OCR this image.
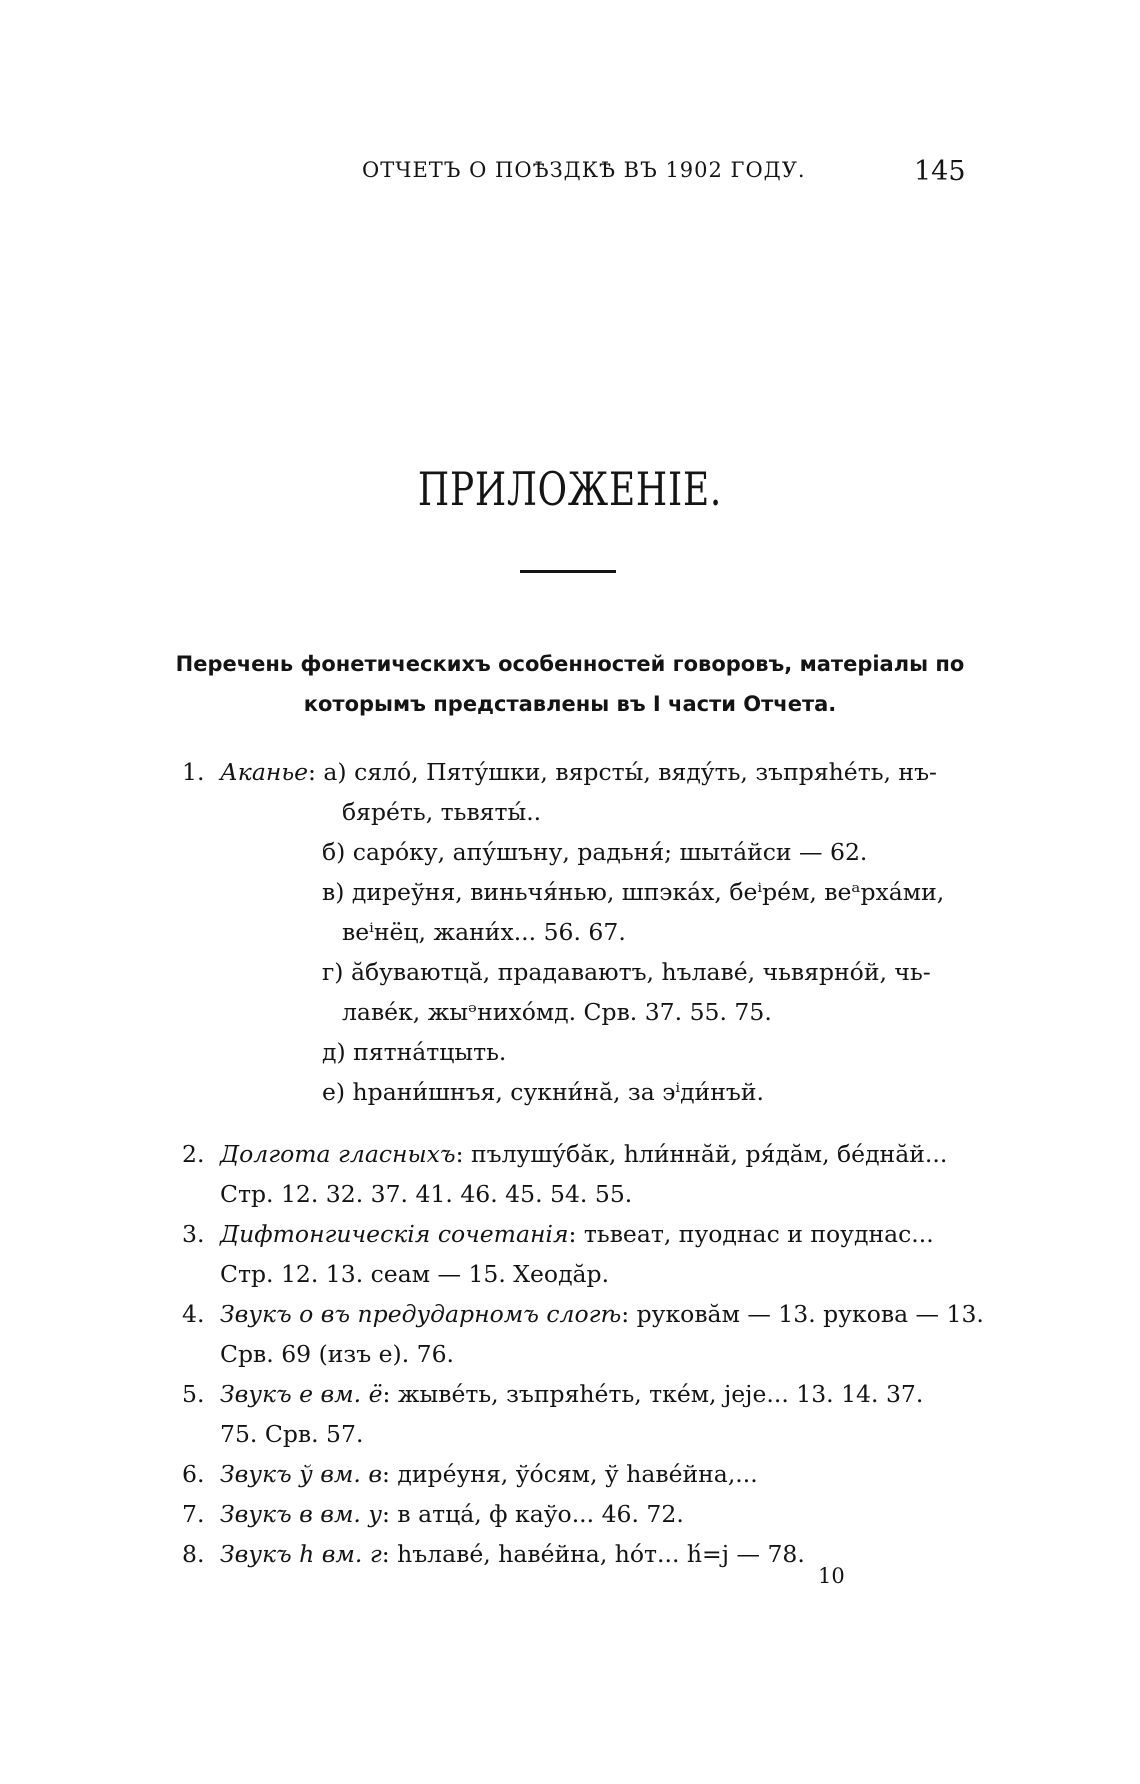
ОТЧЕТЪ О ПОѢЗДКѢ ВЪ 1902 ГОДУ.	145
ПРИЛОЖЕНІЕ.
Перечень фонетическихъ особенностей говоровъ, матеріалы по
которымъ представлены въ I части Отчета.
1. Аканье: а) сяло́, Пяту́шки, вярсты́, вяду́ть, зъпряһе́ть, нъ-
бяре́ть, тьвяты́..
б) саро́ку, апу́шъну, радьня́; шыта́йси — 62.
в) диреўня, виньчя́нью, шпэка́х, беⁱре́м, веᵃрха́ми,
веⁱнёц, жани́х... 56. 67.
г) ăбуваютцă, прадаваютъ, һълаве́, чьвярно́й, чь-
лаве́к, жыᵊнихо́мд. Срв. 37. 55. 75.
д) пятна́тцыть.
е) һрани́шнъя, сукни́нă, за эⁱди́нъй.
2. Долгота гласныхъ: пълушу́бăк, һли́ннăй, ря́дăм, бе́днăй...
Стр. 12. 32. 37. 41. 46. 45. 54. 55.
3. Дифтонгическія сочетанія: тьвеат, пуоднас и поуднас...
Стр. 12. 13. сеам — 15. Хеодăр.
4. Звукъ о въ предударномъ слогѣ: руковăм — 13. рукова — 13.
Срв. 69 (изъ е). 76.
5. Звукъ е вм. ё: жыве́ть, зъпряһе́ть, тке́м, јеје... 13. 14. 37.
75. Срв. 57.
6. Звукъ ў вм. в: дире́уня, ўо́сям, ў һаве́йна,...
7. Звукъ в вм. у: в атца́, ф каўо... 46. 72.
8. Звукъ һ вм. г: һълаве́, һаве́йна, һо́т... һ́=j — 78.
10
